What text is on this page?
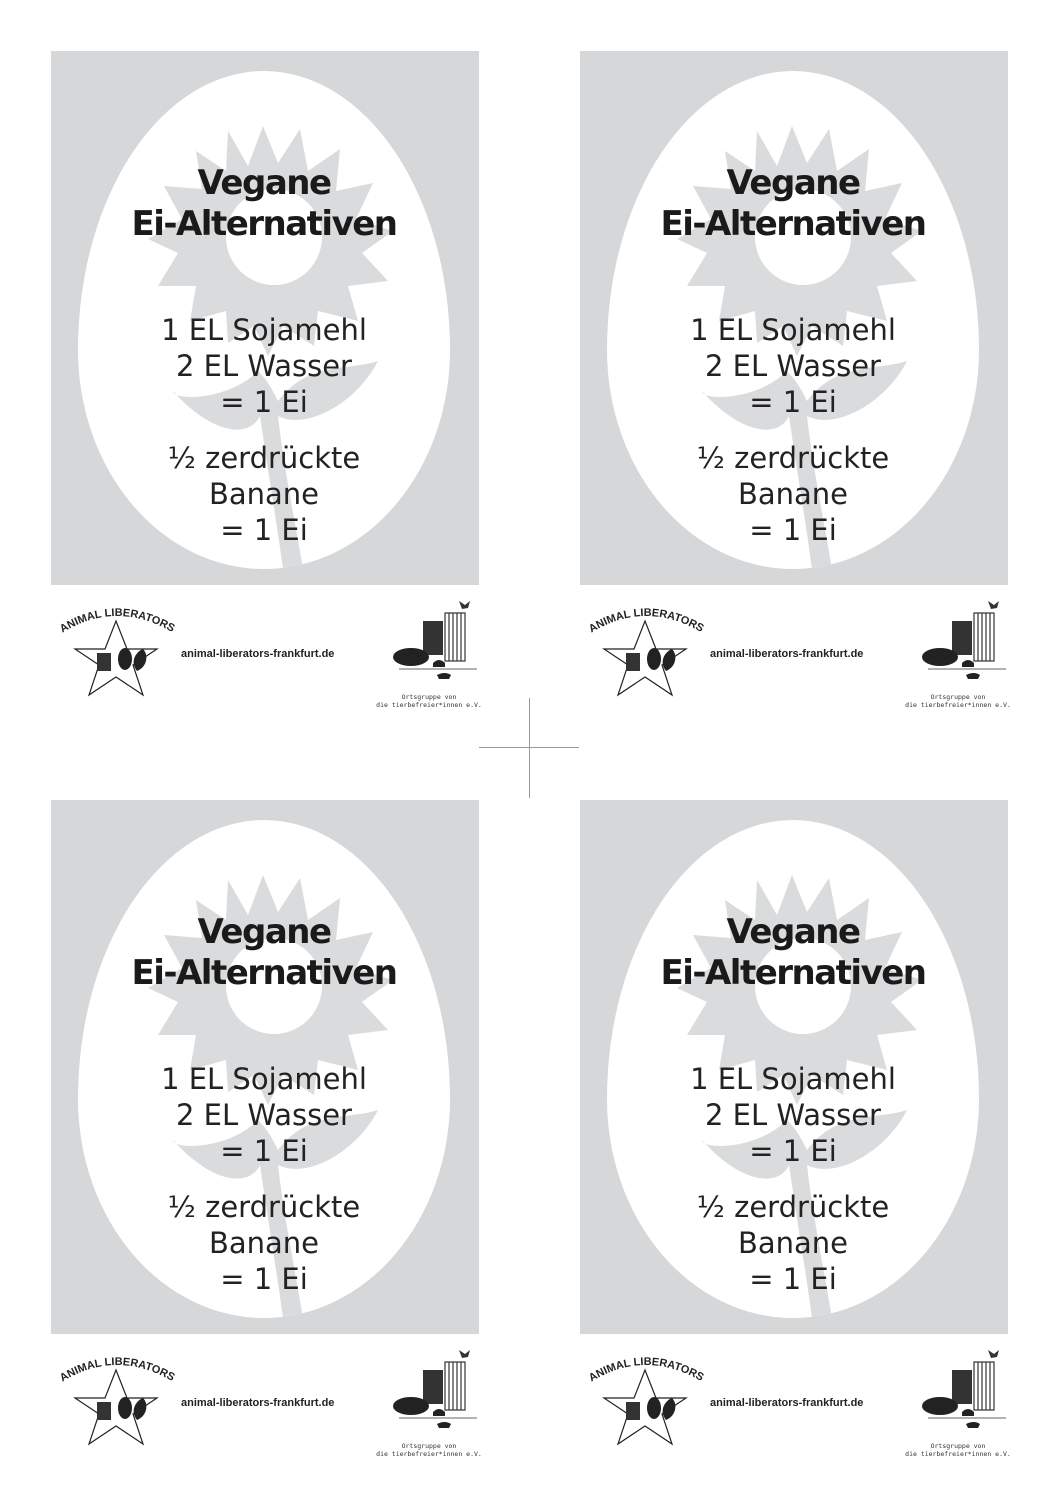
Vegane
Ei-Alternativen
1 EL Sojamehl
2 EL Wasser
= 1 Ei
½ zerdrückte
Banane
= 1 Ei
ANIMAL LIBERATORS
animal-liberators-frankfurt.de
Ortsgruppe von
die tierbefreier*innen e.V.
Vegane
Ei-Alternativen
1 EL Sojamehl
2 EL Wasser
= 1 Ei
½ zerdrückte
Banane
= 1 Ei
ANIMAL LIBERATORS
animal-liberators-frankfurt.de
Ortsgruppe von
die tierbefreier*innen e.V.
Vegane
Ei-Alternativen
1 EL Sojamehl
2 EL Wasser
= 1 Ei
½ zerdrückte
Banane
= 1 Ei
ANIMAL LIBERATORS
animal-liberators-frankfurt.de
Ortsgruppe von
die tierbefreier*innen e.V.
Vegane
Ei-Alternativen
1 EL Sojamehl
2 EL Wasser
= 1 Ei
½ zerdrückte
Banane
= 1 Ei
ANIMAL LIBERATORS
animal-liberators-frankfurt.de
Ortsgruppe von
die tierbefreier*innen e.V.
